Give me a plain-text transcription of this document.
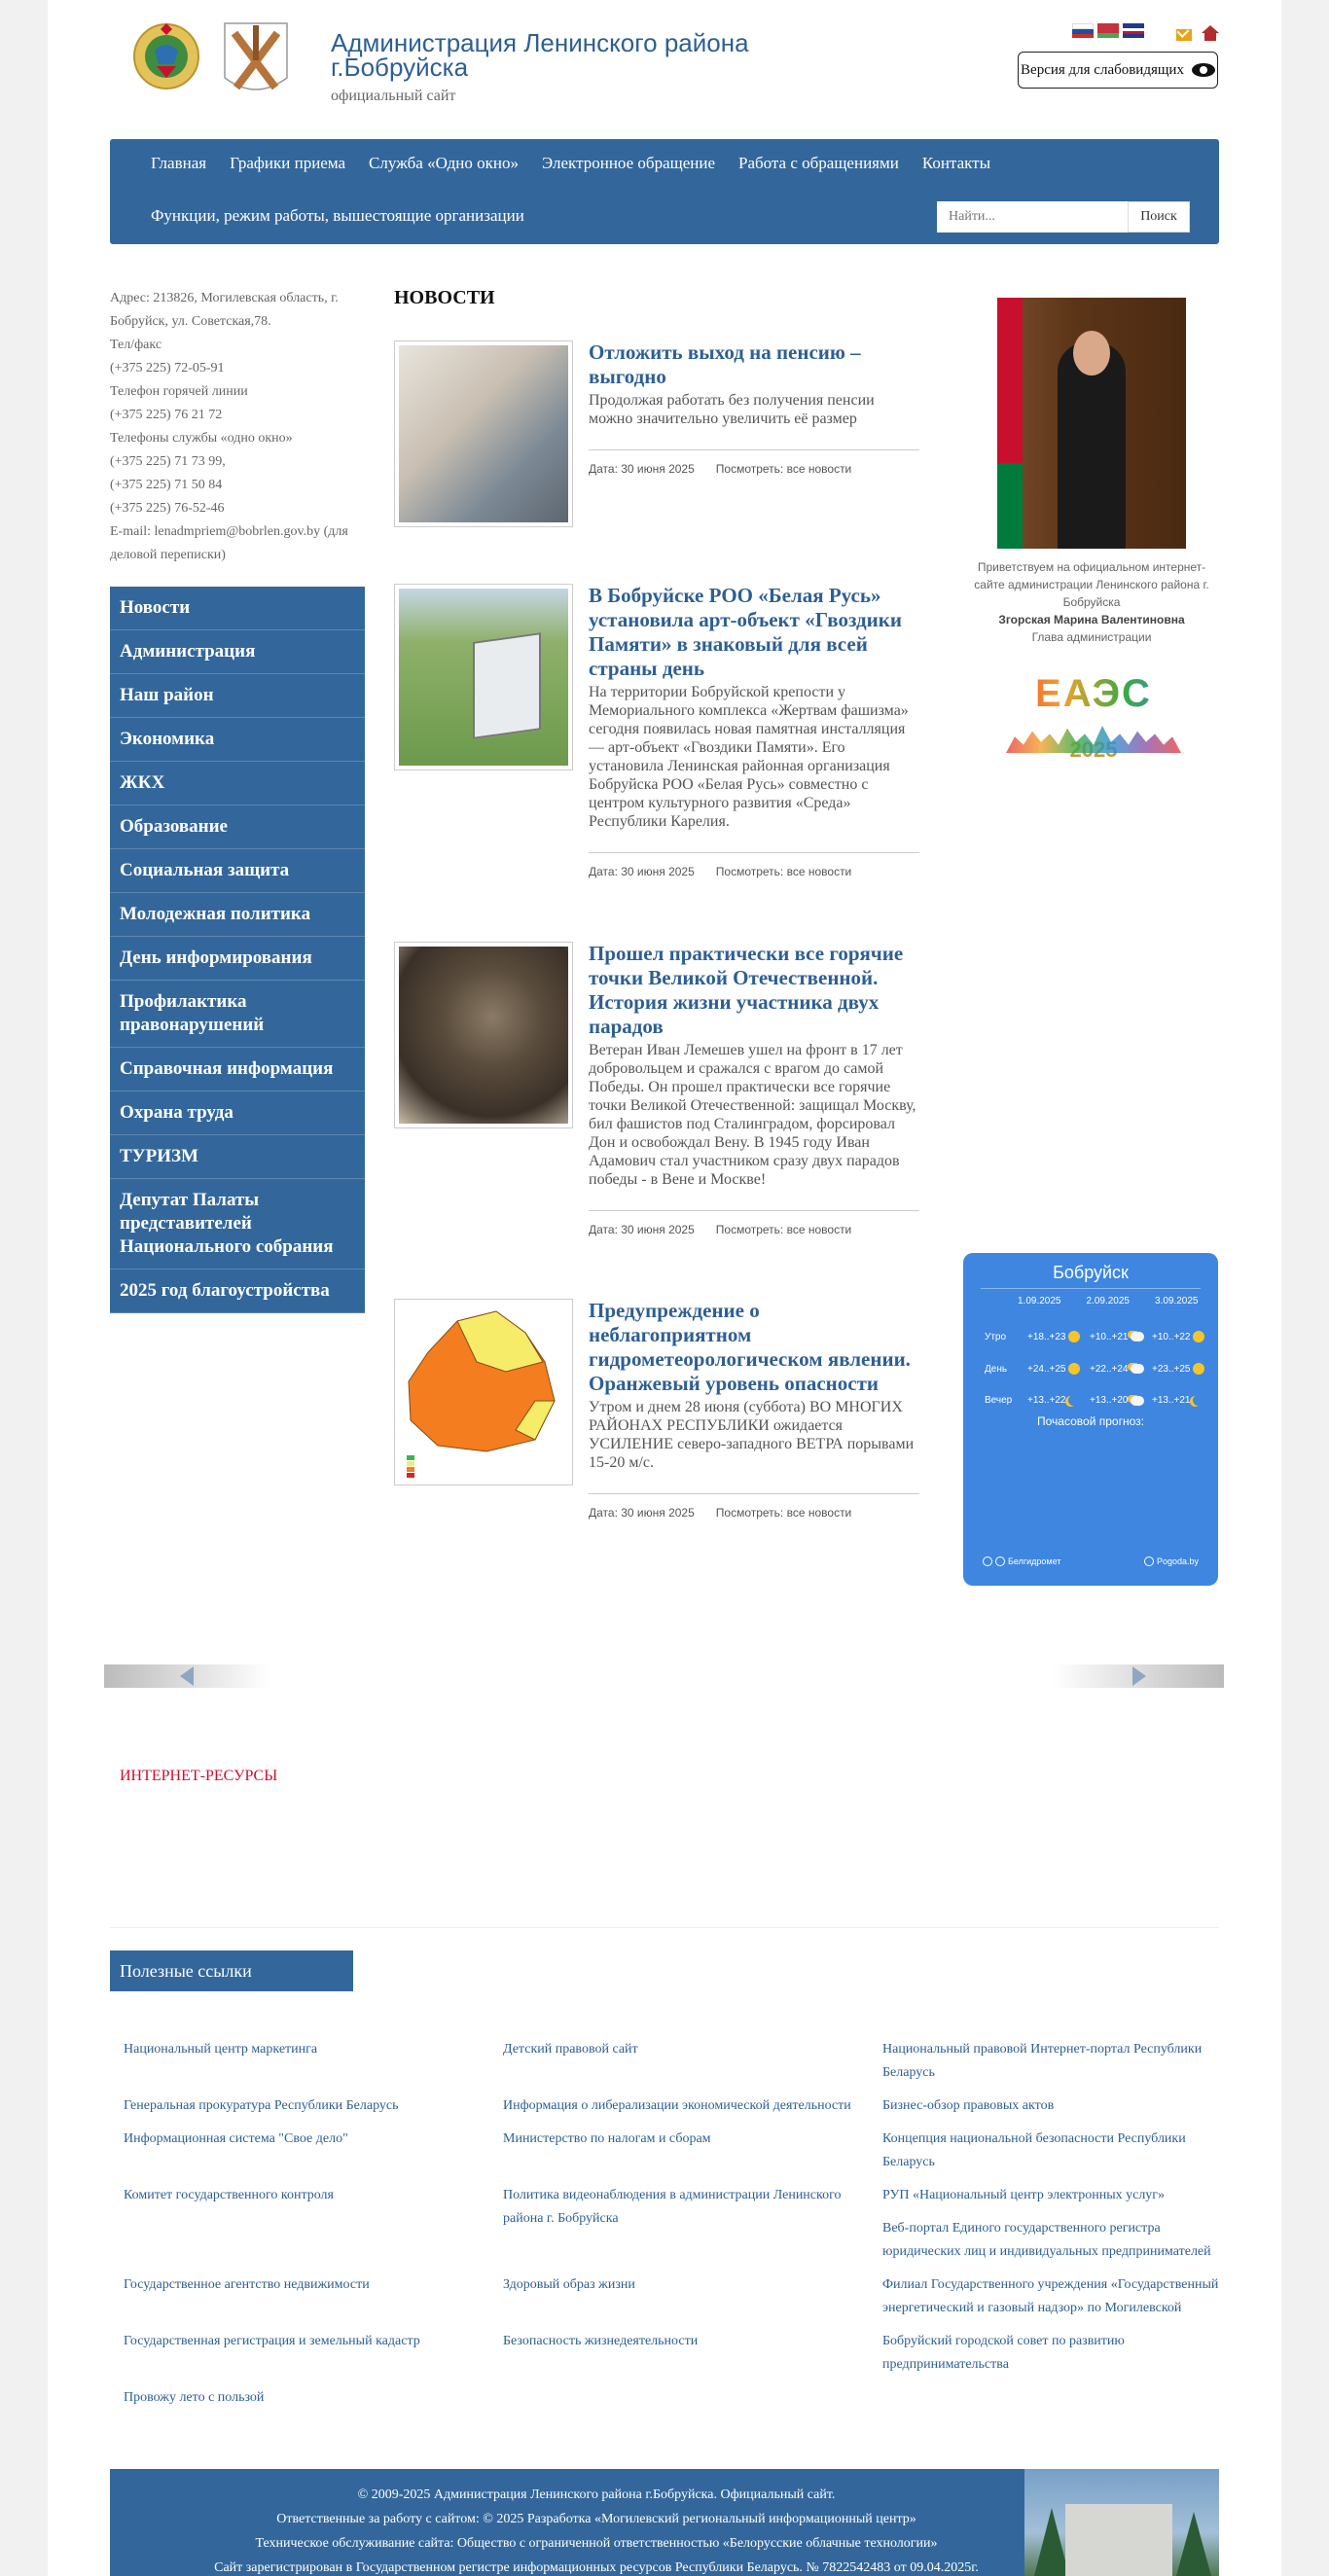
Администрация Ленинского района г.Бобруйска
официальный сайт
Версия для слабовидящих
Главная Графики приема Служба «Одно окно» Электронное обращение Работа с обращениями Контакты
Функции, режим работы, вышестоящие организации
Найти...	Поиск
Адрес: 213826, Могилевская область, г. Бобруйск, ул. Советская,78.
Тел/факс
(+375 225) 72-05-91
Телефон горячей линии
(+375 225) 76 21 72
Телефоны службы «одно окно»
(+375 225) 71 73 99,
(+375 225) 71 50 84
(+375 225) 76-52-46
E-mail: lenadmpriem@bobrlen.gov.by (для деловой переписки)
Новости
Администрация
Наш район
Экономика
ЖКХ
Образование
Социальная защита
Молодежная политика
День информирования
Профилактика правонарушений
Справочная информация
Охрана труда
ТУРИЗМ
Депутат Палаты представителей Национального собрания
2025 год благоустройства
НОВОСТИ
Отложить выход на пенсию – выгодно
Продолжая работать без получения пенсии можно значительно увеличить её размер
Дата: 30 июня 2025 Посмотреть: все новости
В Бобруйске РОО «Белая Русь» установила арт-объект «Гвоздики Памяти» в знаковый для всей страны день
На территории Бобруйской крепости у Мемориального комплекса «Жертвам фашизма» сегодня появилась новая памятная инсталляция — арт-объект «Гвоздики Памяти». Его установила Ленинская районная организация Бобруйска РОО «Белая Русь» совместно с центром культурного развития «Среда» Республики Карелия.
Дата: 30 июня 2025 Посмотреть: все новости
Прошел практически все горячие точки Великой Отечественной. История жизни участника двух парадов
Ветеран Иван Лемешев ушел на фронт в 17 лет добровольцем и сражался с врагом до самой Победы. Он прошел практически все горячие точки Великой Отечественной: защищал Москву, бил фашистов под Сталинградом, форсировал Дон и освобождал Вену. В 1945 году Иван Адамович стал участником сразу двух парадов победы - в Вене и Москве!
Дата: 30 июня 2025 Посмотреть: все новости
Предупреждение о неблагоприятном гидрометеорологическом явлении. Оранжевый уровень опасности
Утром и днем 28 июня (суббота) ВО МНОГИХ РАЙОНАХ РЕСПУБЛИКИ ожидается УСИЛЕНИЕ северо-западного ВЕТРА порывами 15-20 м/с.
Дата: 30 июня 2025 Посмотреть: все новости
Приветствуем на официальном интернет-сайте администрации Ленинского района г. Бобруйска
Згорская Марина Валентиновна
Глава администрации
ЕАЭС
Бобруйск
1.09.2025	2.09.2025	3.09.2025
Утро	+18..+23 +10..+21 +10..+22
День	+24..+25 +22..+24 +23..+25
Вечер	+13..+22 +13..+20 +13..+21
Почасовой прогноз:
Белгидромет	Pogoda.by
ИНТЕРНЕТ-РЕСУРСЫ
Полезные ссылки
Национальный центр маркетинга
Генеральная прокуратура Республики Беларусь
Информационная система "Свое дело"
Комитет государственного контроля
Государственное агентство недвижимости
Государственная регистрация и земельный кадастр
Провожу лето с пользой
Детский правовой сайт
Информация о либерализации экономической деятельности
Министерство по налогам и сборам
Политика видеонаблюдения в администрации Ленинского района г. Бобруйска
Здоровый образ жизни
Безопасность жизнедеятельности
Национальный правовой Интернет-портал Республики Беларусь
Бизнес-обзор правовых актов
Концепция национальной безопасности Республики Беларусь
РУП «Национальный центр электронных услуг»
Веб-портал Единого государственного регистра юридических лиц и индивидуальных предпринимателей
Филиал Государственного учреждения «Государственный энергетический и газовый надзор» по Могилевской
Бобруйский городской совет по развитию предпринимательства
© 2009-2025 Администрация Ленинского района г.Бобруйска. Официальный сайт.
Ответственные за работу с сайтом: © 2025 Разработка «Могилевский региональный информационный центр»
Техническое обслуживание сайта: Общество с ограниченной ответственностью «Белорусские облачные технологии»
Сайт зарегистрирован в Государственном регистре информационных ресурсов Республики Беларусь. № 7822542483 от 09.04.2025г.
